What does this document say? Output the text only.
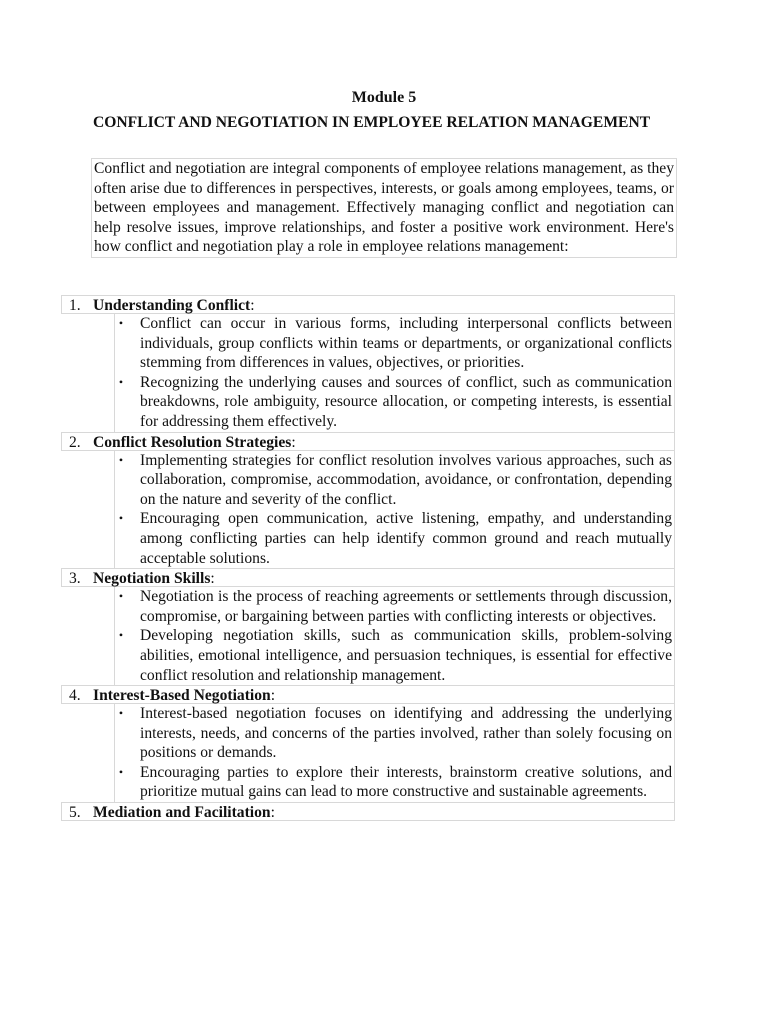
Module 5
CONFLICT AND NEGOTIATION IN EMPLOYEE RELATION MANAGEMENT
Conflict and negotiation are integral components of employee relations management, as they often arise due to differences in perspectives, interests, or goals among employees, teams, or between employees and management. Effectively managing conflict and negotiation can help resolve issues, improve relationships, and foster a positive work environment. Here's how conflict and negotiation play a role in employee relations management:
1. Understanding Conflict:
• Conflict can occur in various forms, including interpersonal conflicts between individuals, group conflicts within teams or departments, or organizational conflicts stemming from differences in values, objectives, or priorities.
• Recognizing the underlying causes and sources of conflict, such as communication breakdowns, role ambiguity, resource allocation, or competing interests, is essential for addressing them effectively.
2. Conflict Resolution Strategies:
• Implementing strategies for conflict resolution involves various approaches, such as collaboration, compromise, accommodation, avoidance, or confrontation, depending on the nature and severity of the conflict.
• Encouraging open communication, active listening, empathy, and understanding among conflicting parties can help identify common ground and reach mutually acceptable solutions.
3. Negotiation Skills:
• Negotiation is the process of reaching agreements or settlements through discussion, compromise, or bargaining between parties with conflicting interests or objectives.
• Developing negotiation skills, such as communication skills, problem-solving abilities, emotional intelligence, and persuasion techniques, is essential for effective conflict resolution and relationship management.
4. Interest-Based Negotiation:
• Interest-based negotiation focuses on identifying and addressing the underlying interests, needs, and concerns of the parties involved, rather than solely focusing on positions or demands.
• Encouraging parties to explore their interests, brainstorm creative solutions, and prioritize mutual gains can lead to more constructive and sustainable agreements.
5. Mediation and Facilitation:
